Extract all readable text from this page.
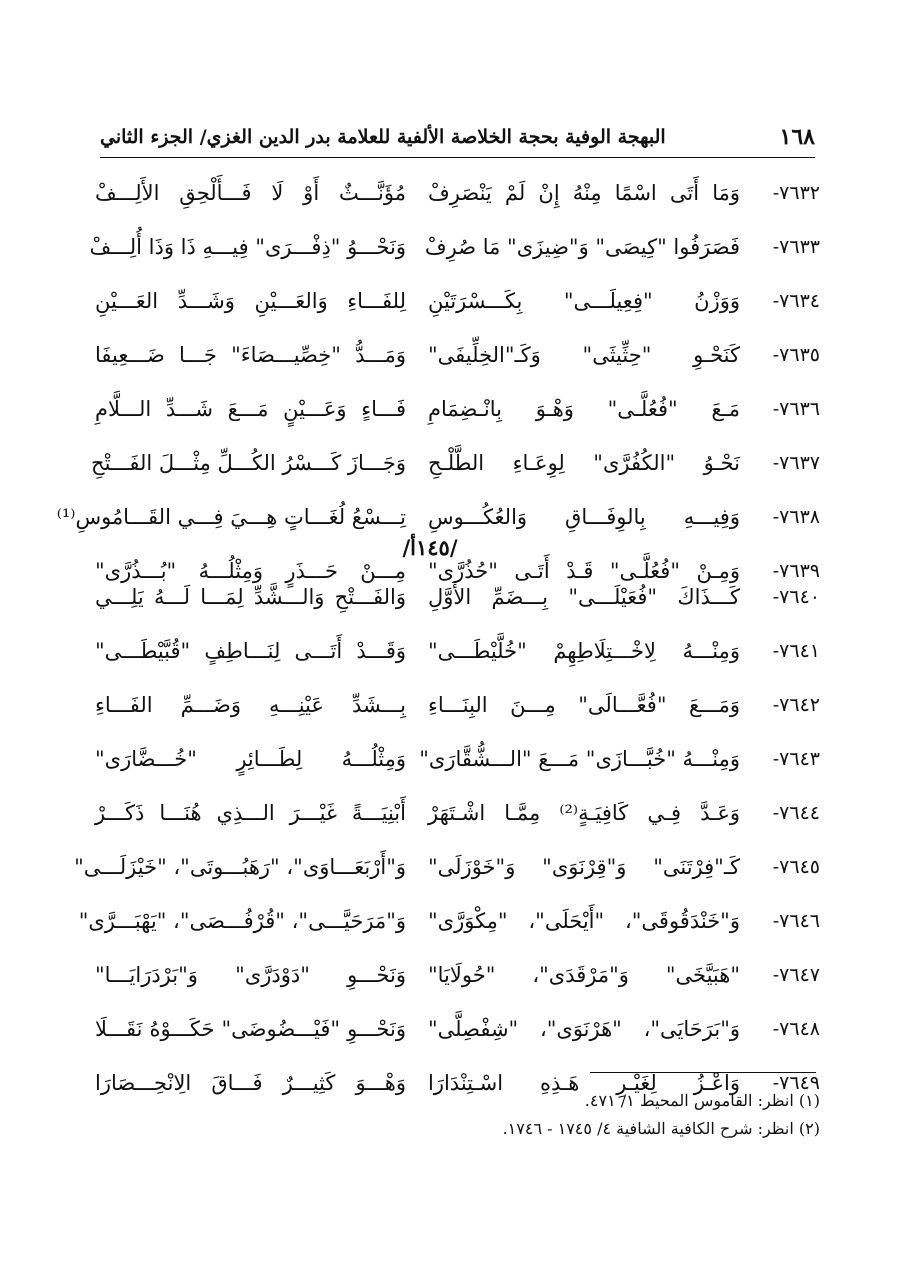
١٦٨
البهجة الوفية بحجة الخلاصة الألفية للعلامة بدر الدين الغزي/ الجزء الثاني
٧٦٣٢-
وَمَا أَتَى اسْمًا مِنْهُ إِنْ لَمْ يَنْصَرِفْ
مُؤَنَّـــثٌ أَوْ لَا فَـــأَلْحِقِ الأَلِـــفْ
٧٦٣٣-
فَصَرَفُوا "كِيصَى" وَ"ضِيزَى" مَا صُرِفْ
وَنَحْـــوُ "ذِفْـــرَى" فِيـــهِ ذَا وَذَا أُلِـــفْ
٧٦٣٤-
وَوَزْنُ "فِعِيلَـــى" بِكَـــسْرَتَيْنِ
لِلفَـــاءِ وَالعَـــيْنِ وَشَـــدِّ العَـــيْنِ
٧٦٣٥-
كَنَحْـوِ "حِثِّيثَى" وَكَـ"الخِلِّيفَى"
وَمَـــدُّ "خِصِّيـــصَاءَ" جَـــا ضَـــعِيفَا
٧٦٣٦-
مَـعَ "فُعُلَّـى" وَهْـوَ بِانْـضِمَامِ
فَـــاءٍ وَعَـــيْنٍ مَـــعَ شَـــدِّ الـــلَّامِ
٧٦٣٧-
نَحْـوُ "الكُفُرَّى" لِوِعَـاءِ الطَّلْـحِ
وَجَـــازَ كَـــسْرُ الكُـــلِّ مِثْـــلَ الفَـــتْحِ
٧٦٣٨-
وَفِيـــهِ بِالوِفَـــاقِ وَالعُكُـــوسِ
تِـــسْعُ لُغَـــاتٍ هِـــيَ فِـــي القَـــامُوسِ⁽¹⁾
٧٦٣٩-
وَمِـنْ "فُعُلَّـى" قَـدْ أَتَـى "حُذُرَّى"
مِـــنْ حَـــذَرٍ وَمِثْلُـــهُ "بُـــذُرَّى"
/١٤٥أ/
٧٦٤٠-
كَـــذَاكَ "فُعَيْلَـــى" بِـــضَمِّ الأَوَّلِ
وَالفَـــتْحِ وَالـــشَّدِّ لِمَـــا لَـــهُ يَلِـــي
٧٦٤١-
وَمِنْـــهُ لِاخْـــتِلَاطِهِمْ "خُلَّيْطَـــى"
وَقَـــدْ أَتَـــى لِنَـــاطِفٍ "قُبَّيْطَـــى"
٧٦٤٢-
وَمَـــعَ "فُعَّـــالَى" مِـــنَ البِنَـــاءِ
بِـــشَدِّ عَيْنِـــهِ وَضَـــمِّ الفَـــاءِ
٧٦٤٣-
وَمِنْـــهُ "خُبَّـــازَى" مَـــعَ "الـــشُّقَّارَى"
وَمِثْلُـــهُ لِطَـــائِرٍ "خُـــضَّارَى"
٧٦٤٤-
وَعَـدَّ فِـي كَافِيَـةٍ⁽²⁾ مِمَّـا اشْـتَهَرْ
أَبْنِيَـــةً غَيْـــرَ الـــذِي هُنَـــا ذَكَـــرْ
٧٦٤٥-
كَـ"فِرْتَنَى" وَ"قِرْنَوَى" وَ"خَوْزَلَى"
وَ"أَرْبَعَـــاوَى"، "رَهَبُـــوتَى"، "خَيْزَلَـــى"
٧٦٤٦-
وَ"خَنْدَقُوقَى"، "أَيْحَلَى"، "مِكْوَرَّى"
وَ"مَرَحَيَّـــى"، "قُرْفُـــصَى"، "يَهْبَـــرَّى"
٧٦٤٧-
"هَبَيَّخَى" وَ"مَرْقَدَى"، "حُولَايَا"
وَنَحْـــوِ "دَوْدَرَّى" وَ"بَرْدَرَايَـــا"
٧٦٤٨-
وَ"بَرَحَايَى"، "هَرْنَوَى"، "شِفْصِلَّى"
وَنَحْـــوِ "فَيْـــضُوضَى" حَكَـــوْهُ نَقَـــلَا
٧٦٤٩-
وَاعْـزُ لِغَيْـرِ هَـذِهِ اسْـتِنْدَارَا
وَهْـــوَ كَثِيـــرٌ فَـــاقَ الِانْحِـــصَارَا
(١) انظر: القاموس المحيط ١/ ٤٧١.
(٢) انظر: شرح الكافية الشافية ٤/ ١٧٤٥ - ١٧٤٦.
